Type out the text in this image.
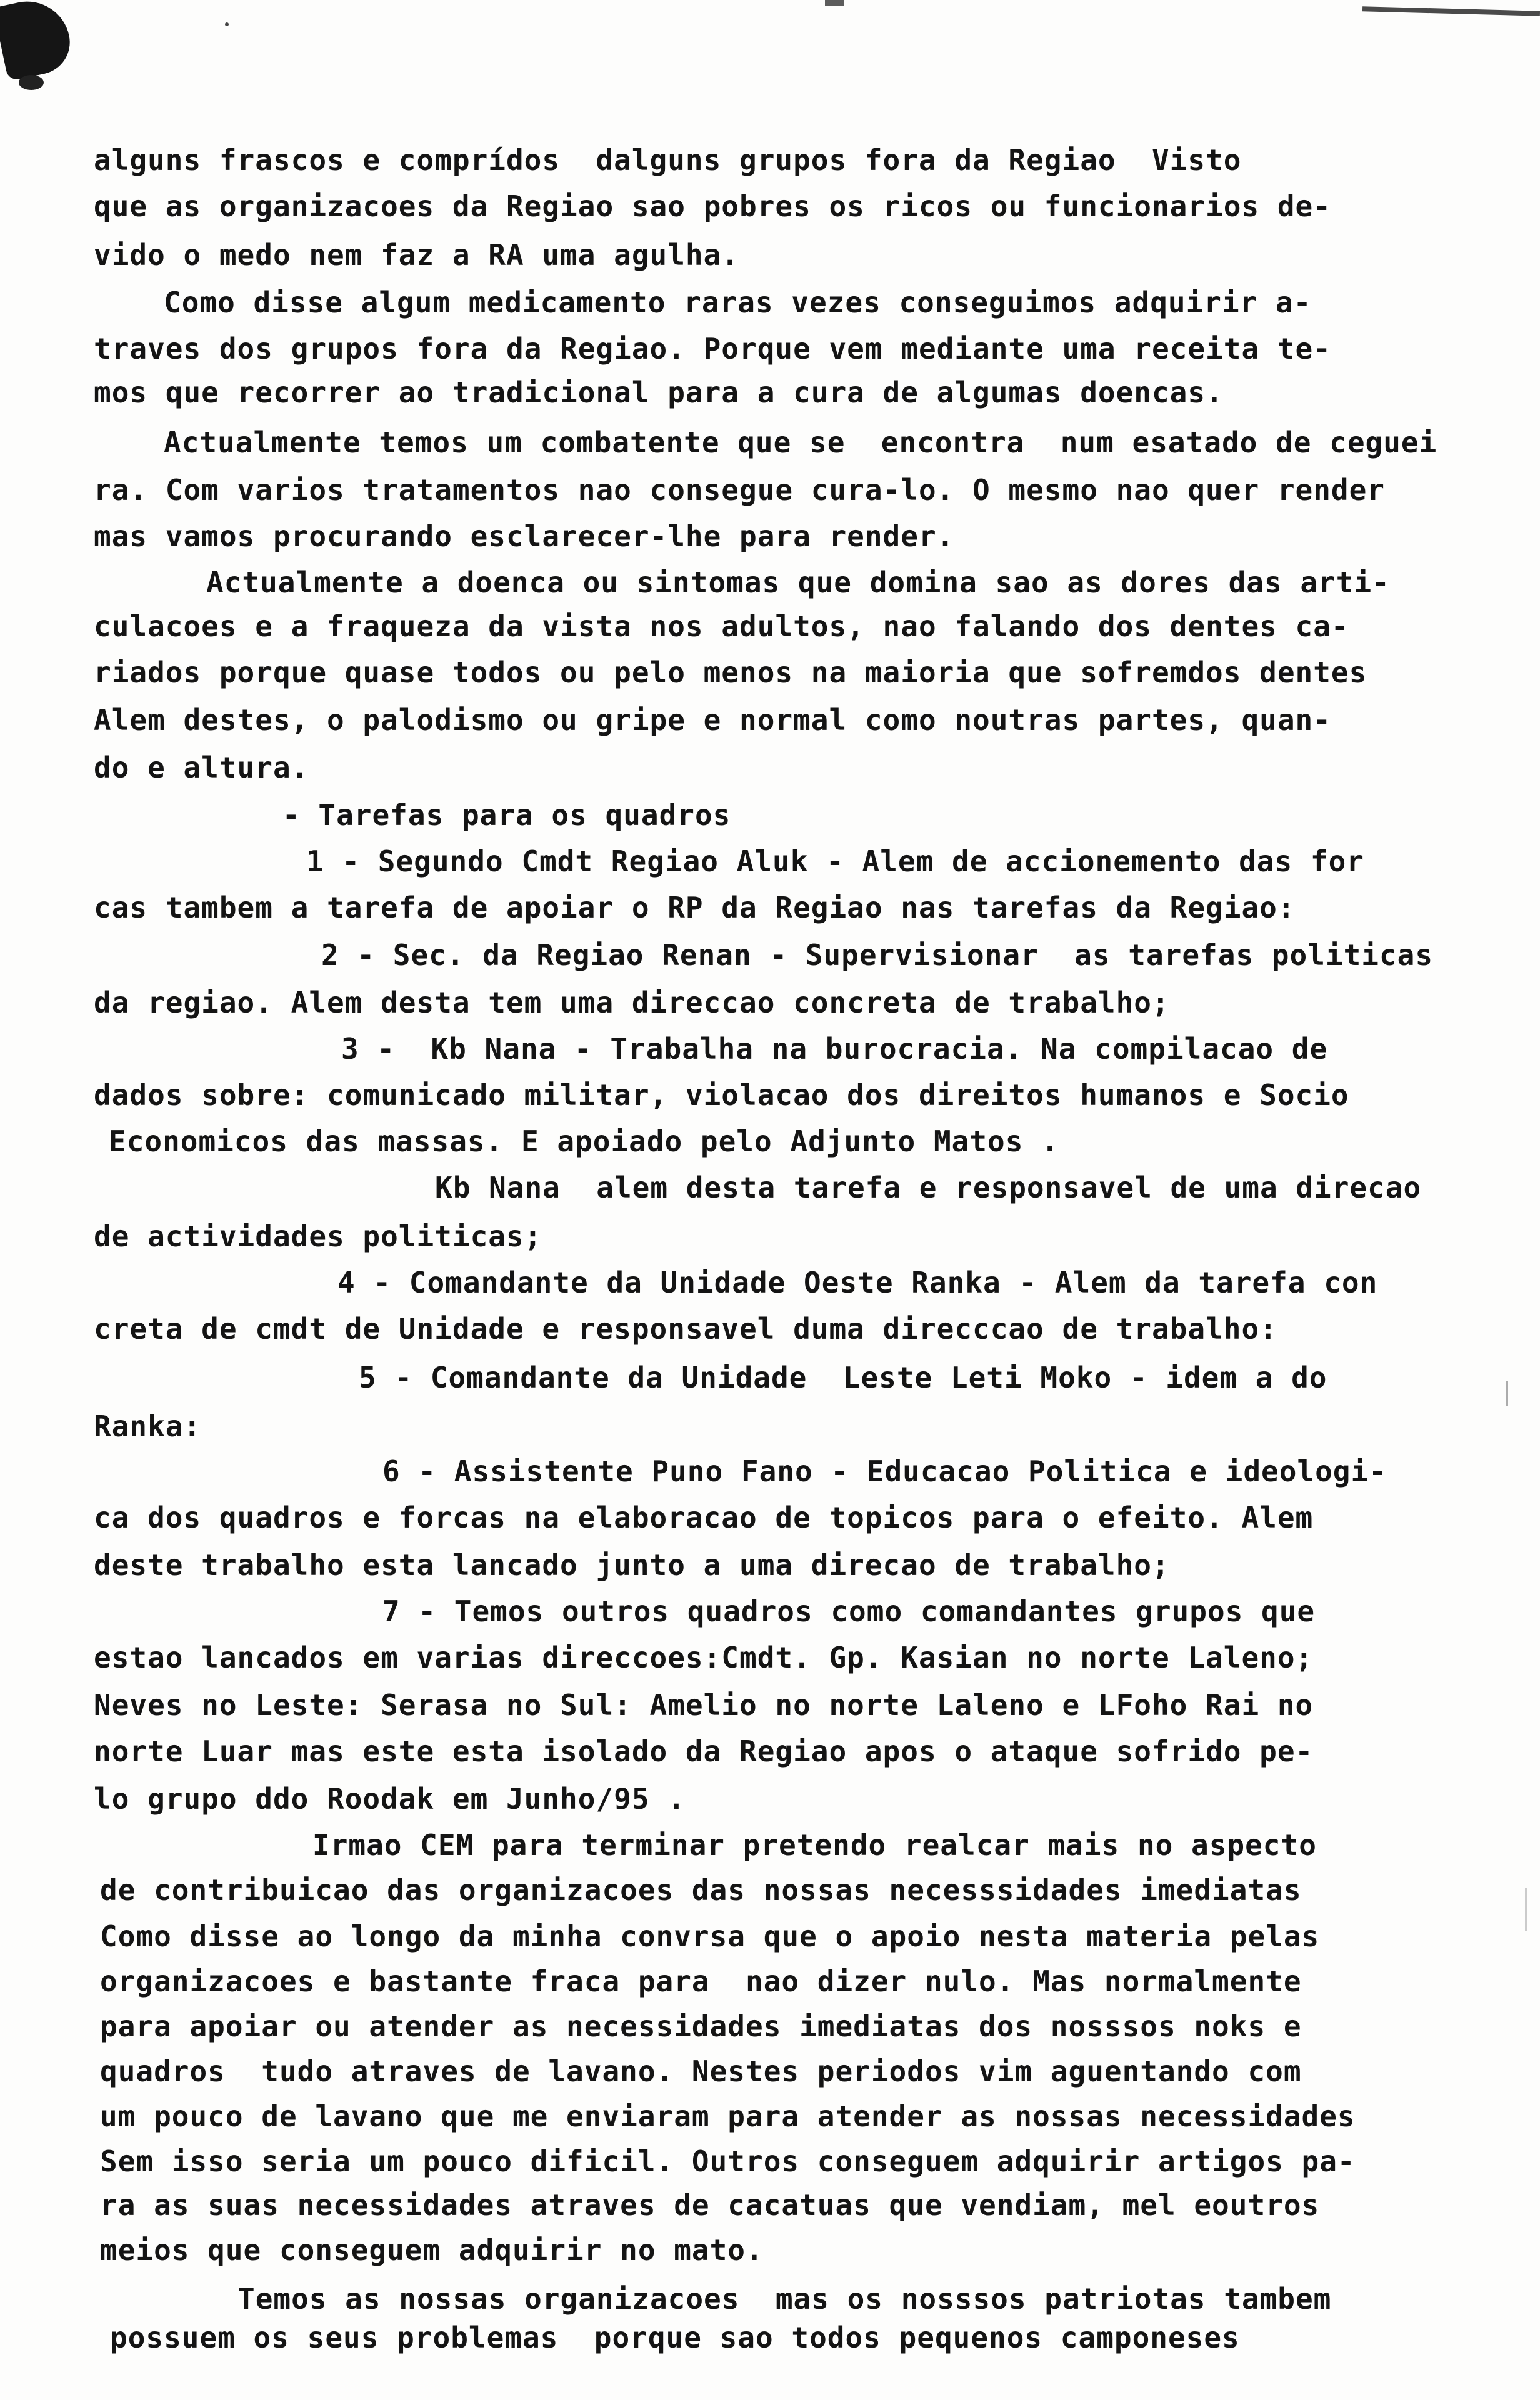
alguns frascos e comprídos  dalguns grupos fora da Regiao  Visto
que as organizacoes da Regiao sao pobres os ricos ou funcionarios de-
vido o medo nem faz a RA uma agulha.
Como disse algum medicamento raras vezes conseguimos adquirir a-
traves dos grupos fora da Regiao. Porque vem mediante uma receita te-
mos que recorrer ao tradicional para a cura de algumas doencas.
Actualmente temos um combatente que se  encontra  num esatado de ceguei
ra. Com varios tratamentos nao consegue cura-lo. O mesmo nao quer render
mas vamos procurando esclarecer-lhe para render.
Actualmente a doenca ou sintomas que domina sao as dores das arti-
culacoes e a fraqueza da vista nos adultos, nao falando dos dentes ca-
riados porque quase todos ou pelo menos na maioria que sofremdos dentes
Alem destes, o palodismo ou gripe e normal como noutras partes, quan-
do e altura.
- Tarefas para os quadros
1 - Segundo Cmdt Regiao Aluk - Alem de accionemento das for
cas tambem a tarefa de apoiar o RP da Regiao nas tarefas da Regiao:
2 - Sec. da Regiao Renan - Supervisionar  as tarefas politicas
da regiao. Alem desta tem uma direccao concreta de trabalho;
3 -  Kb Nana - Trabalha na burocracia. Na compilacao de
dados sobre: comunicado militar, violacao dos direitos humanos e Socio
Economicos das massas. E apoiado pelo Adjunto Matos .
Kb Nana  alem desta tarefa e responsavel de uma direcao
de actividades politicas;
4 - Comandante da Unidade Oeste Ranka - Alem da tarefa con
creta de cmdt de Unidade e responsavel duma direcccao de trabalho:
5 - Comandante da Unidade  Leste Leti Moko - idem a do
Ranka:
6 - Assistente Puno Fano - Educacao Politica e ideologi-
ca dos quadros e forcas na elaboracao de topicos para o efeito. Alem
deste trabalho esta lancado junto a uma direcao de trabalho;
7 - Temos outros quadros como comandantes grupos que
estao lancados em varias direccoes:Cmdt. Gp. Kasian no norte Laleno;
Neves no Leste: Serasa no Sul: Amelio no norte Laleno e LFoho Rai no
norte Luar mas este esta isolado da Regiao apos o ataque sofrido pe-
lo grupo ddo Roodak em Junho/95 .
Irmao CEM para terminar pretendo realcar mais no aspecto
de contribuicao das organizacoes das nossas necesssidades imediatas
Como disse ao longo da minha convrsa que o apoio nesta materia pelas
organizacoes e bastante fraca para  nao dizer nulo. Mas normalmente
para apoiar ou atender as necessidades imediatas dos nosssos noks e
quadros  tudo atraves de lavano. Nestes periodos vim aguentando com
um pouco de lavano que me enviaram para atender as nossas necessidades
Sem isso seria um pouco dificil. Outros conseguem adquirir artigos pa-
ra as suas necessidades atraves de cacatuas que vendiam, mel eoutros
meios que conseguem adquirir no mato.
Temos as nossas organizacoes  mas os nosssos patriotas tambem
possuem os seus problemas  porque sao todos pequenos camponeses
